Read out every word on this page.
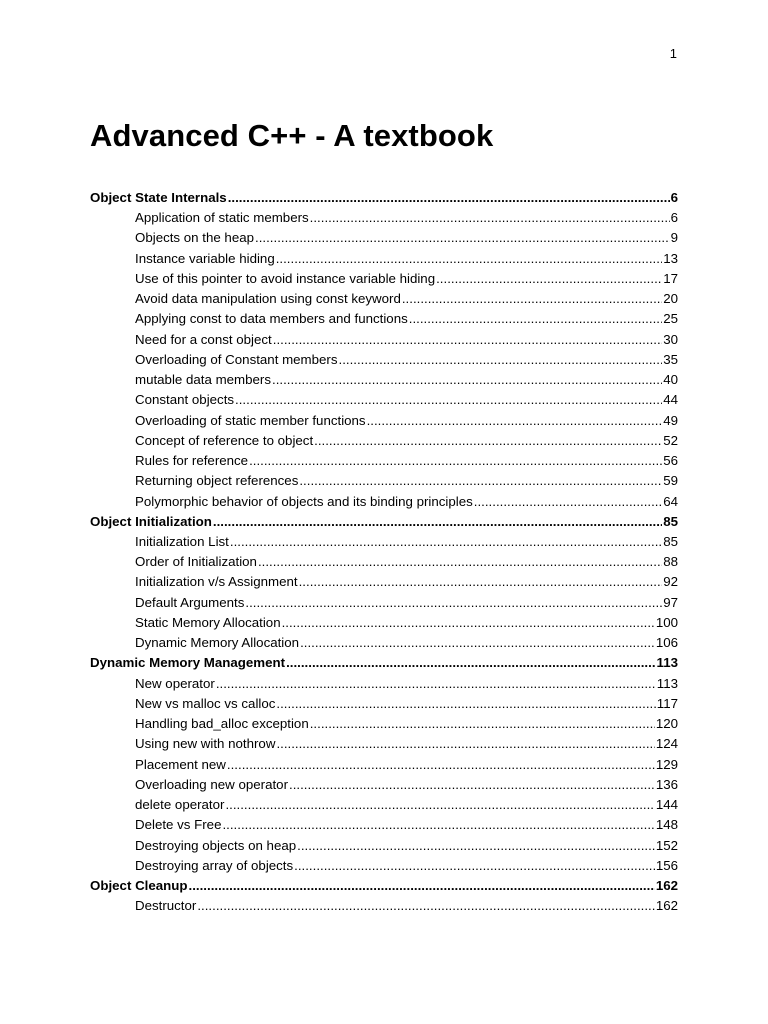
1
Advanced C++ - A textbook
Object State Internals .....	6
Application of static members .....	6
Objects on the heap .....	9
Instance variable hiding .....	13
Use of this pointer to avoid instance variable hiding .....	17
Avoid data manipulation using const keyword .....	20
Applying const to data members and functions .....	25
Need for a const object .....	30
Overloading of Constant members .....	35
mutable data members .....	40
Constant objects .....	44
Overloading of static member functions .....	49
Concept of reference to object .....	52
Rules for reference .....	56
Returning object references .....	59
Polymorphic behavior of objects and its binding principles .....	64
Object Initialization .....	85
Initialization List .....	85
Order of Initialization .....	88
Initialization v/s Assignment .....	92
Default Arguments .....	97
Static Memory Allocation .....	100
Dynamic Memory Allocation .....	106
Dynamic Memory Management .....	113
New operator .....	113
New vs malloc vs calloc .....	117
Handling bad_alloc exception .....	120
Using new with nothrow .....	124
Placement new .....	129
Overloading new operator .....	136
delete operator .....	144
Delete vs Free .....	148
Destroying objects on heap .....	152
Destroying array of objects .....	156
Object Cleanup .....	162
Destructor .....	162
